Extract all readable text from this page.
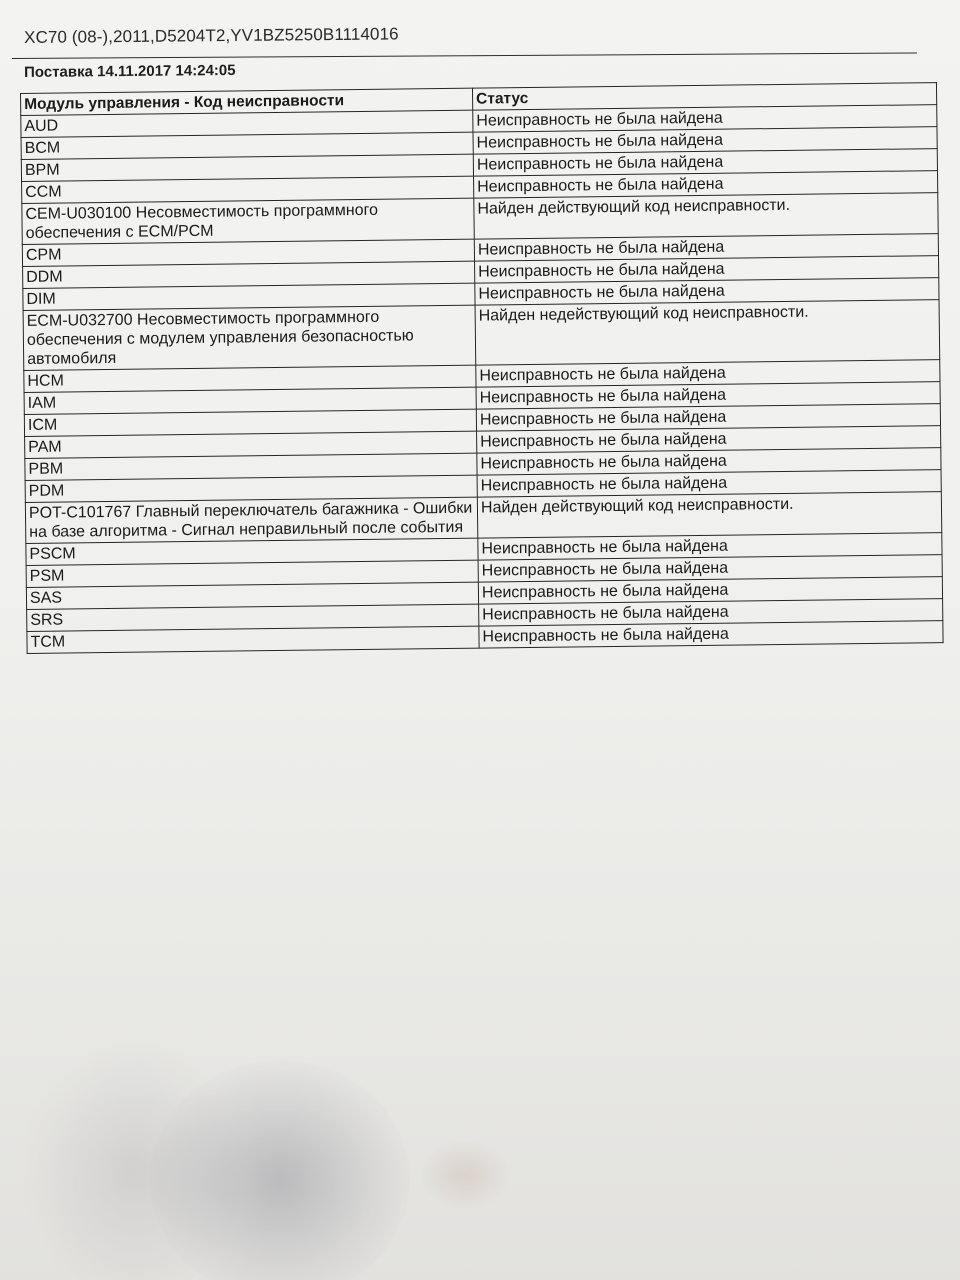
XC70 (08-),2011,D5204T2,YV1BZ5250B1114016
Поставка 14.11.2017 14:24:05
Модуль управления - Код неисправности	Статус
AUD	Неисправность не была найдена
BCM	Неисправность не была найдена
BPM	Неисправность не была найдена
CCM	Неисправность не была найдена
CEM-U030100 Несовместимость программного обеспечения с ECM/PCM	Найден действующий код неисправности.
CPM	Неисправность не была найдена
DDM	Неисправность не была найдена
DIM	Неисправность не была найдена
ECM-U032700 Несовместимость программного обеспечения с модулем управления безопасностью автомобиля	Найден недействующий код неисправности.
HCM	Неисправность не была найдена
IAM	Неисправность не была найдена
ICM	Неисправность не была найдена
PAM	Неисправность не была найдена
PBM	Неисправность не была найдена
PDM	Неисправность не была найдена
POT-C101767 Главный переключатель багажника - Ошибки на базе алгоритма - Сигнал неправильный после события	Найден действующий код неисправности.
PSCM	Неисправность не была найдена
PSM	Неисправность не была найдена
SAS	Неисправность не была найдена
SRS	Неисправность не была найдена
TCM	Неисправность не была найдена
